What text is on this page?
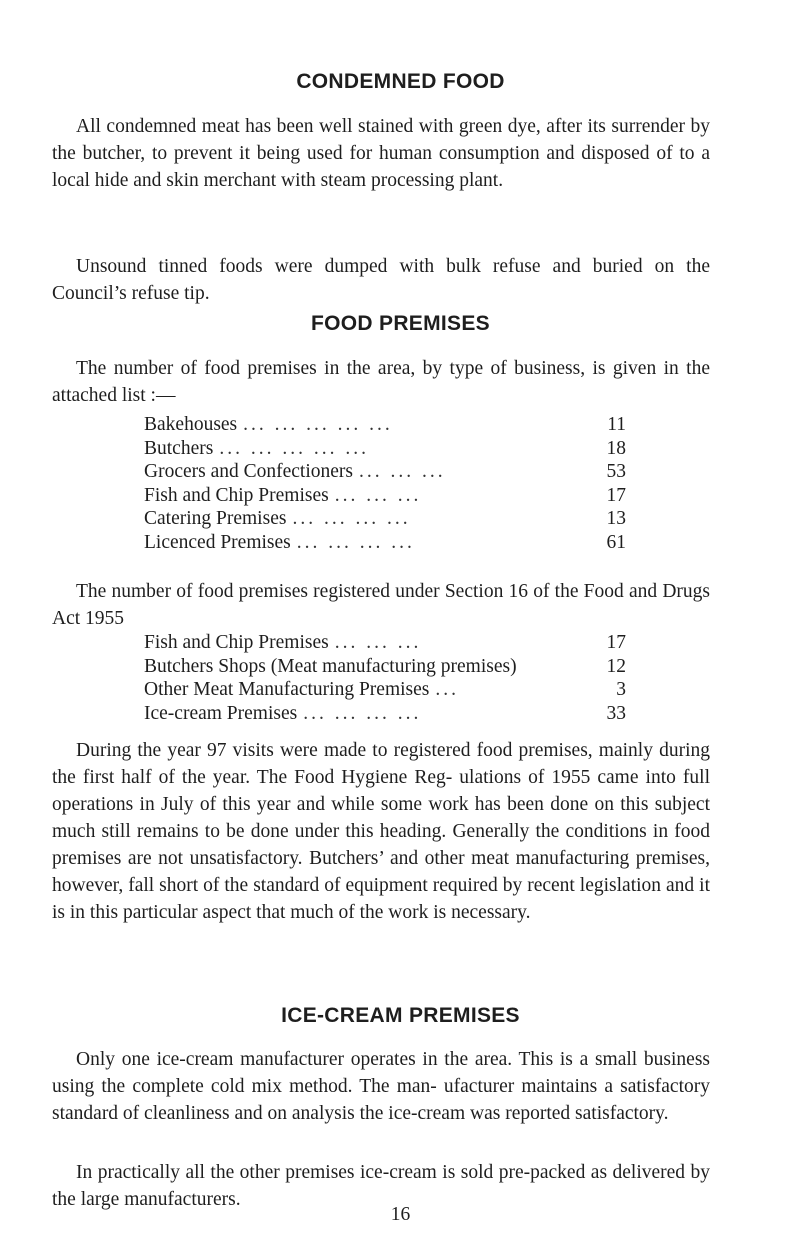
CONDEMNED FOOD

All condemned meat has been well stained with green dye, after its surrender by the butcher, to prevent it being used for human consumption and disposed of to a local hide and skin merchant with steam processing plant.

Unsound tinned foods were dumped with bulk refuse and buried on the Council’s refuse tip.

FOOD PREMISES

The number of food premises in the area, by type of business, is given in the attached list :—

Bakehouses ... ... ... ... ...	11
Butchers ... ... ... ... ...	18
Grocers and Confectioners ... ... ...	53
Fish and Chip Premises ... ... ...	17
Catering Premises ... ... ... ...	13
Licenced Premises ... ... ... ...	61

The number of food premises registered under Section 16 of the Food and Drugs Act 1955

Fish and Chip Premises ... ... ...	17
Butchers Shops (Meat manufacturing premises)	12
Other Meat Manufacturing Premises ...	3
Ice-cream Premises ... ... ... ...	33

During the year 97 visits were made to registered food premises, mainly during the first half of the year. The Food Hygiene Reg- ulations of 1955 came into full operations in July of this year and while some work has been done on this subject much still remains to be done under this heading. Generally the conditions in food premises are not unsatisfactory. Butchers’ and other meat manufacturing premises, however, fall short of the standard of equipment required by recent legislation and it is in this particular aspect that much of the work is necessary.

ICE-CREAM PREMISES

Only one ice-cream manufacturer operates in the area. This is a small business using the complete cold mix method. The man- ufacturer maintains a satisfactory standard of cleanliness and on analysis the ice-cream was reported satisfactory.

In practically all the other premises ice-cream is sold pre-packed as delivered by the large manufacturers.

16
